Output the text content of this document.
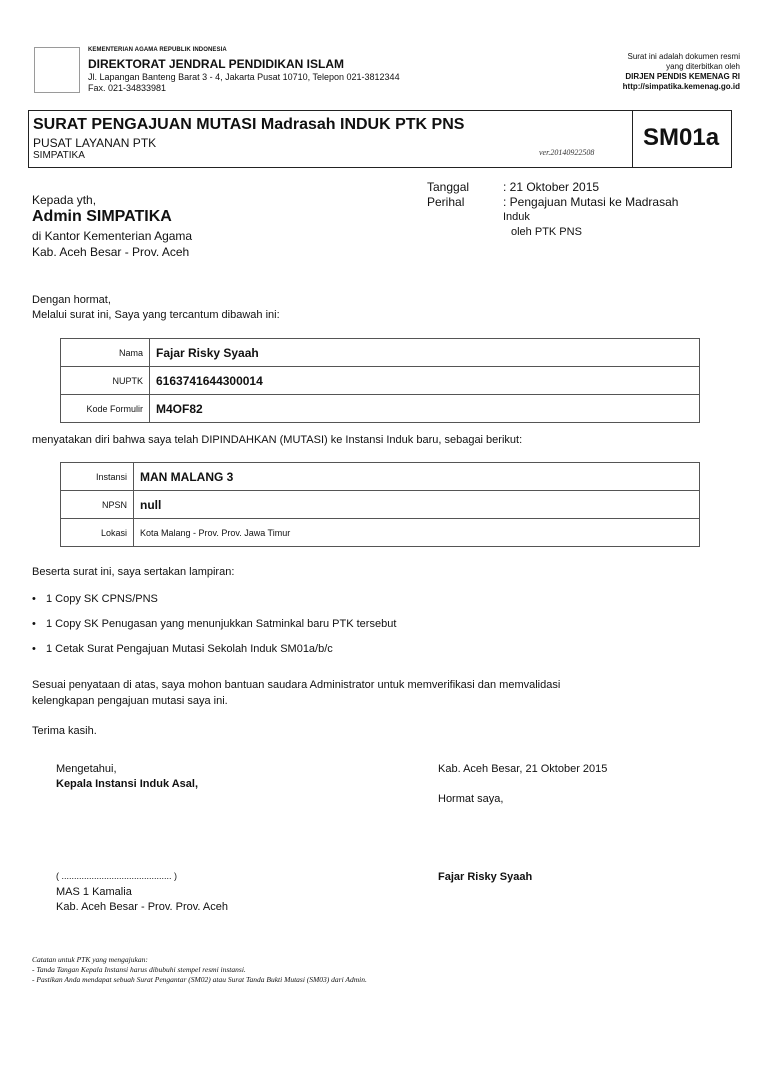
KEMENTERIAN AGAMA REPUBLIK INDONESIA
DIREKTORAT JENDRAL PENDIDIKAN ISLAM
Jl. Lapangan Banteng Barat 3 - 4, Jakarta Pusat 10710, Telepon 021-3812344
Fax. 021-34833981
Surat ini adalah dokumen resmi
yang diterbitkan oleh
DIRJEN PENDIS KEMENAG RI
http://simpatika.kemenag.go.id
SURAT PENGAJUAN MUTASI Madrasah INDUK PTK PNS
PUSAT LAYANAN PTK
SIMPATIKA	ver.20140922508
SM01a
Kepada yth,
Admin SIMPATIKA
di Kantor Kementerian Agama
Kab. Aceh Besar - Prov. Aceh
Tanggal	: 21 Oktober 2015
Perihal	: Pengajuan Mutasi ke Madrasah
Induk
oleh PTK PNS
Dengan hormat,
Melalui surat ini, Saya yang tercantum dibawah ini:
Nama	Fajar Risky Syaah
NUPTK	6163741644300014
Kode Formulir	M4OF82
menyatakan diri bahwa saya telah DIPINDAHKAN (MUTASI) ke Instansi Induk baru, sebagai berikut:
Instansi	MAN MALANG 3
NPSN	null
Lokasi	Kota Malang - Prov. Prov. Jawa Timur
Beserta surat ini, saya sertakan lampiran:
• 1 Copy SK CPNS/PNS
• 1 Copy SK Penugasan yang menunjukkan Satminkal baru PTK tersebut
• 1 Cetak Surat Pengajuan Mutasi Sekolah Induk SM01a/b/c
Sesuai penyataan di atas, saya mohon bantuan saudara Administrator untuk memverifikasi dan memvalidasi
kelengkapan pengajuan mutasi saya ini.
Terima kasih.
Mengetahui,
Kepala Instansi Induk Asal,
( ............................................ )
MAS 1 Kamalia
Kab. Aceh Besar - Prov. Prov. Aceh
Kab. Aceh Besar, 21 Oktober 2015
Hormat saya,
Fajar Risky Syaah
Catatan untuk PTK yang mengajukan:
- Tanda Tangan Kepala Instansi harus dibubuhi stempel resmi instansi.
- Pastikan Anda mendapat sebuah Surat Pengantar (SM02) atau Surat Tanda Bukti Mutasi (SM03) dari Admin.
